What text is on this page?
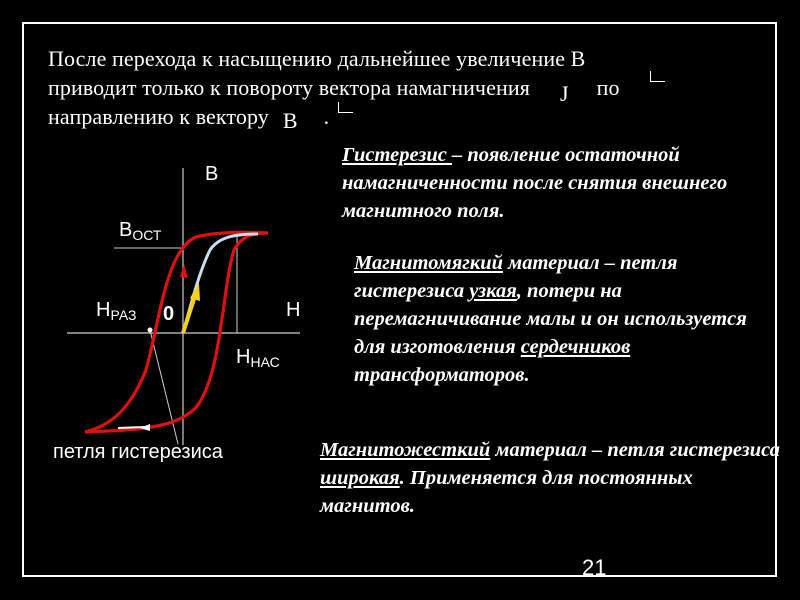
После перехода к насыщению дальнейшее увеличение В
приводит только к повороту вектора намагничения J по
направлению к вектору B .
Гистерезис – появление остаточной намагниченности после снятия внешнего магнитного поля.
Магнитомягкий материал – петля гистерезиса узкая, потери на перемагничивание малы и он используется для изготовления сердечников трансформаторов.
Магнитожесткий материал – петля гистерезиса широкая. Применяется для постоянных магнитов.
В
$В_{ОСТ}$
Н
$Н_{РАЗ}$ 0
$Н_{НАС}$
петля гистерезиса
21
